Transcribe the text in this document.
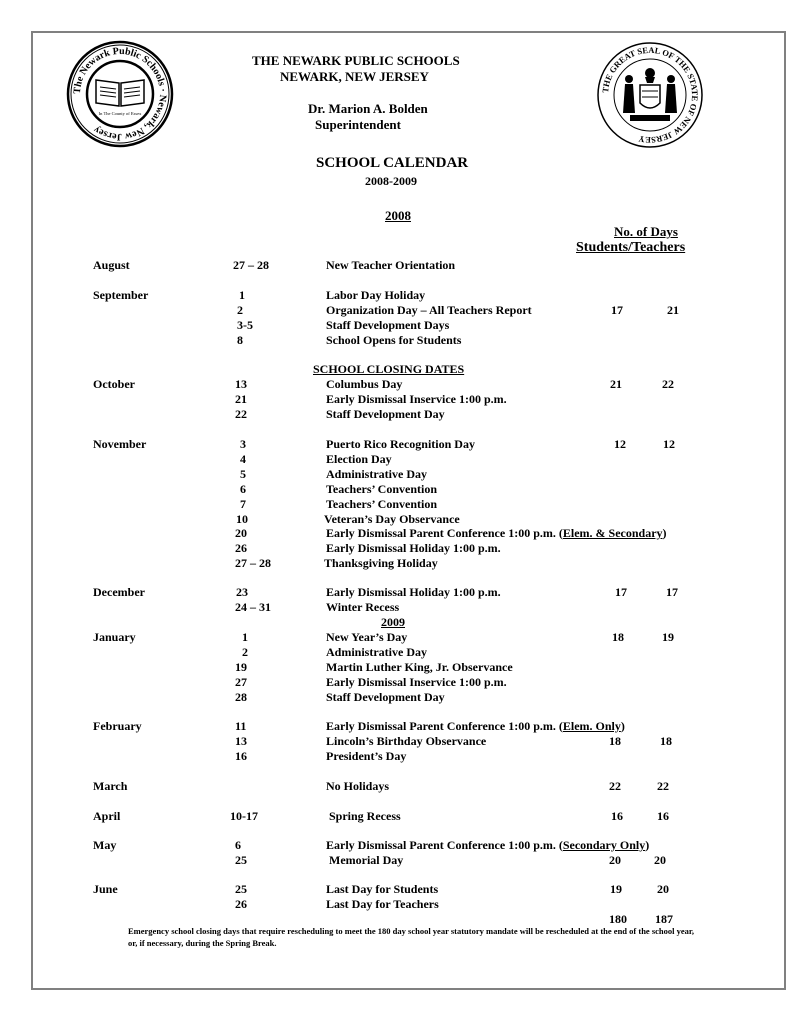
The Newark Public Schools · Newark, New Jersey
In The County of Essex
THE GREAT SEAL OF THE STATE OF NEW JERSEY
THE NEWARK PUBLIC SCHOOLS
NEWARK, NEW JERSEY
Dr. Marion A. Bolden
Superintendent
SCHOOL CALENDAR
2008-2009
2008
No. of Days
Students/Teachers
August	27 – 28	New Teacher Orientation
September	1	Labor Day Holiday
2	Organization Day – All Teachers Report	17	21
3-5	Staff Development Days
8	School Opens for Students
SCHOOL CLOSING DATES
October	13	Columbus Day	21	22
21	Early Dismissal Inservice 1:00 p.m.
22	Staff Development Day
November	3	Puerto Rico Recognition Day	12	12
4	Election Day
5	Administrative Day
6	Teachers’ Convention
7	Teachers’ Convention
10	Veteran’s Day Observance
20	Early Dismissal Parent Conference 1:00 p.m. (Elem. & Secondary)
26	Early Dismissal Holiday 1:00 p.m.
27 – 28	Thanksgiving Holiday
December	23	Early Dismissal Holiday 1:00 p.m.	17	17
24 – 31	Winter Recess
2009
January	1	New Year’s Day	18	19
2	Administrative Day
19	Martin Luther King, Jr. Observance
27	Early Dismissal Inservice 1:00 p.m.
28	Staff Development Day
February	11	Early Dismissal Parent Conference 1:00 p.m. (Elem. Only)
13	Lincoln’s Birthday Observance	18	18
16	President’s Day
March	No Holidays	22	22
April	10-17	Spring Recess	16	16
May	6	Early Dismissal Parent Conference 1:00 p.m. (Secondary Only)
25	Memorial Day	20	20
June	25	Last Day for Students	19	20
26	Last Day for Teachers
180 187
Emergency school closing days that require rescheduling to meet the 180 day school year statutory mandate will be rescheduled at the end of the school year, or, if necessary, during the Spring Break.
